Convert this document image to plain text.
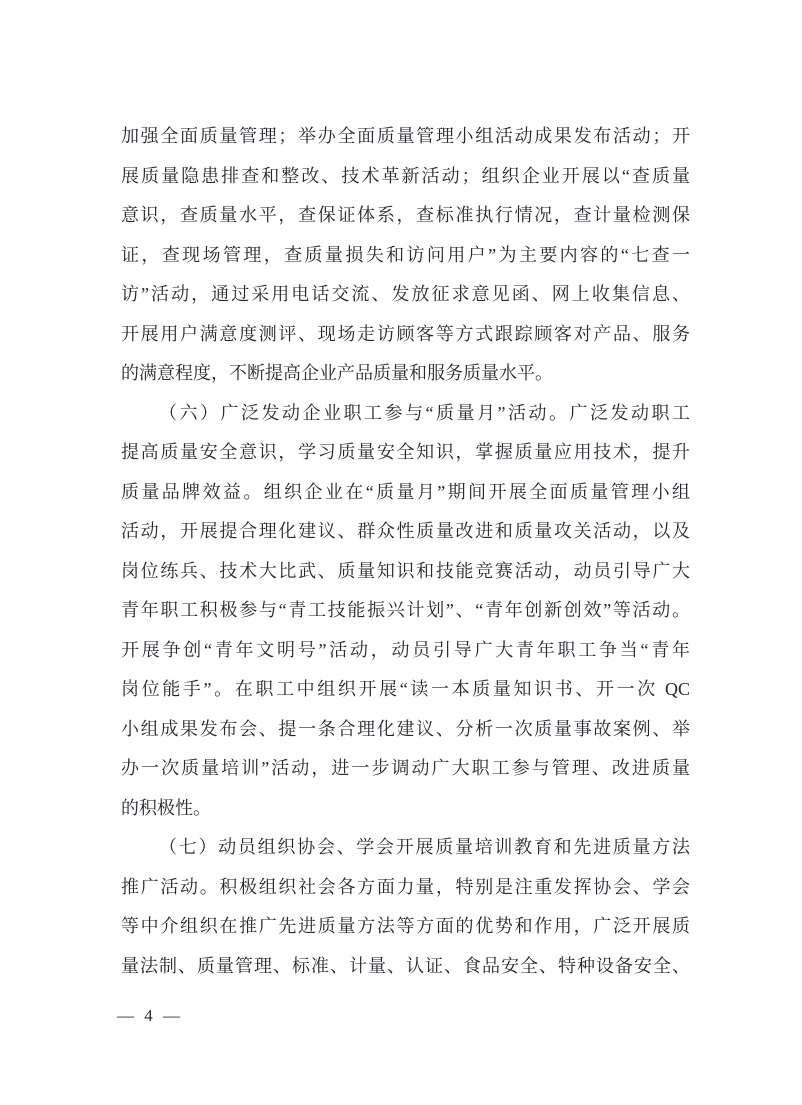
加强全面质量管理；举办全面质量管理小组活动成果发布活动；开
展质量隐患排查和整改、技术革新活动；组织企业开展以“查质量
意识，查质量水平，查保证体系，查标准执行情况，查计量检测保
证，查现场管理，查质量损失和访问用户”为主要内容的“七查一
访”活动，通过采用电话交流、发放征求意见函、网上收集信息、
开展用户满意度测评、现场走访顾客等方式跟踪顾客对产品、服务
的满意程度，不断提高企业产品质量和服务质量水平。
（六）广泛发动企业职工参与“质量月”活动。广泛发动职工
提高质量安全意识，学习质量安全知识，掌握质量应用技术，提升
质量品牌效益。组织企业在“质量月”期间开展全面质量管理小组
活动，开展提合理化建议、群众性质量改进和质量攻关活动，以及
岗位练兵、技术大比武、质量知识和技能竞赛活动，动员引导广大
青年职工积极参与“青工技能振兴计划”、“青年创新创效”等活动。
开展争创“青年文明号”活动，动员引导广大青年职工争当“青年
岗位能手”。在职工中组织开展“读一本质量知识书、开一次 QC
小组成果发布会、提一条合理化建议、分析一次质量事故案例、举
办一次质量培训”活动，进一步调动广大职工参与管理、改进质量
的积极性。
（七）动员组织协会、学会开展质量培训教育和先进质量方法
推广活动。积极组织社会各方面力量，特别是注重发挥协会、学会
等中介组织在推广先进质量方法等方面的优势和作用，广泛开展质
量法制、质量管理、标准、计量、认证、食品安全、特种设备安全、
— 4 —
